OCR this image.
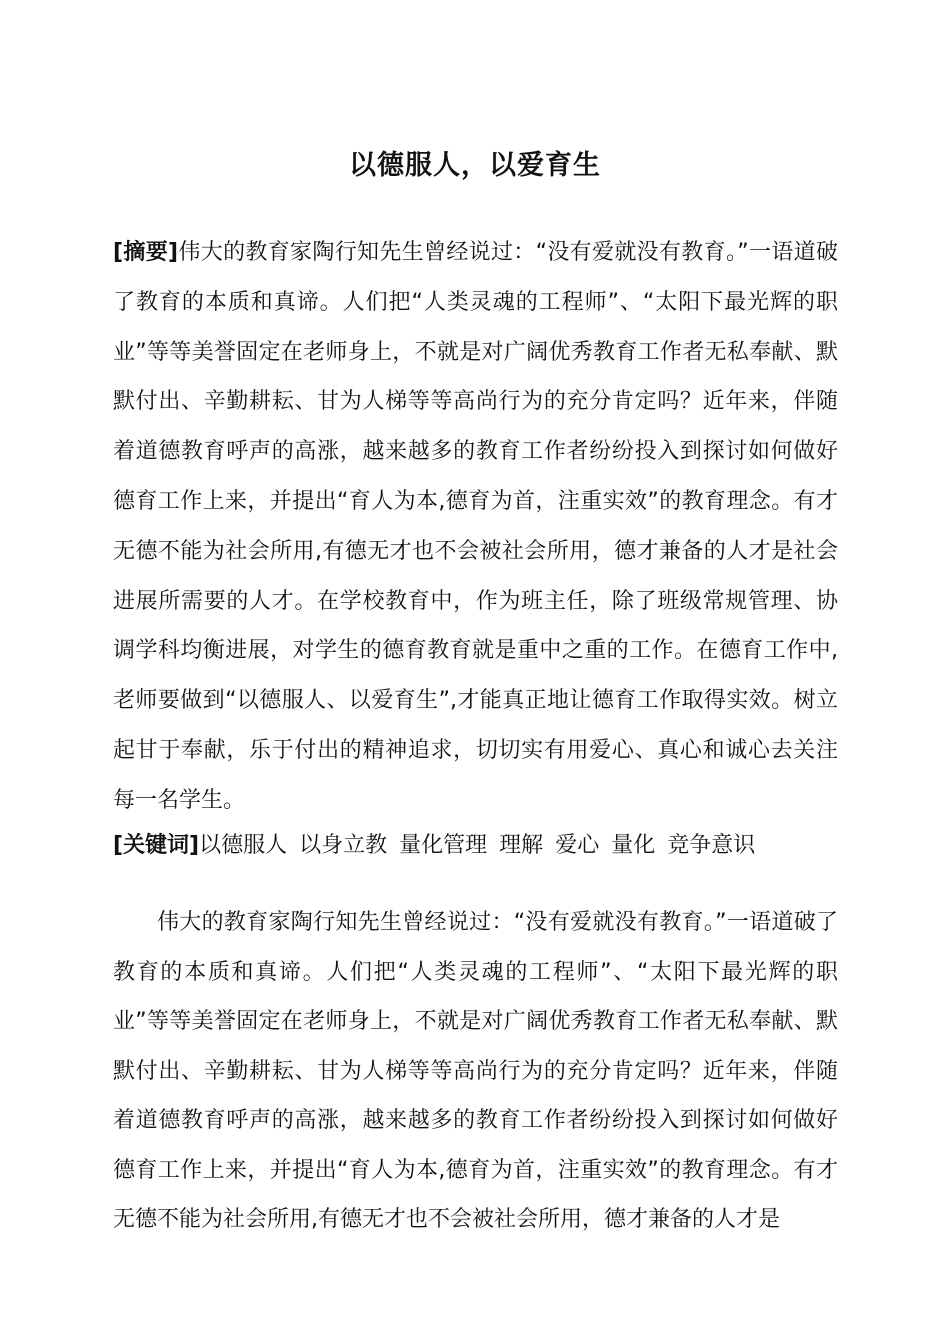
以德服人，以爱育生

[摘要]伟大的教育家陶行知先生曾经说过：“没有爱就没有教育。”一语道破了教育的本质和真谛。人们把“人类灵魂的工程师”、“太阳下最光辉的职业”等等美誉固定在老师身上，不就是对广阔优秀教育工作者无私奉献、默默付出、辛勤耕耘、甘为人梯等等高尚行为的充分肯定吗？近年来，伴随着道德教育呼声的高涨，越来越多的教育工作者纷纷投入到探讨如何做好德育工作上来，并提出“育人为本,德育为首，注重实效”的教育理念。有才无德不能为社会所用,有德无才也不会被社会所用，德才兼备的人才是社会进展所需要的人才。在学校教育中，作为班主任，除了班级常规管理、协调学科均衡进展，对学生的德育教育就是重中之重的工作。在德育工作中,老师要做到“以德服人、以爱育生”,才能真正地让德育工作取得实效。树立起甘于奉献，乐于付出的精神追求，切切实有用爱心、真心和诚心去关注每一名学生。

[关键词]以德服人 以身立教 量化管理 理解 爱心 量化 竞争意识

伟大的教育家陶行知先生曾经说过：“没有爱就没有教育。”一语道破了教育的本质和真谛。人们把“人类灵魂的工程师”、“太阳下最光辉的职业”等等美誉固定在老师身上，不就是对广阔优秀教育工作者无私奉献、默默付出、辛勤耕耘、甘为人梯等等高尚行为的充分肯定吗？近年来，伴随着道德教育呼声的高涨，越来越多的教育工作者纷纷投入到探讨如何做好德育工作上来，并提出“育人为本,德育为首，注重实效”的教育理念。有才无德不能为社会所用,有德无才也不会被社会所用，德才兼备的人才是
